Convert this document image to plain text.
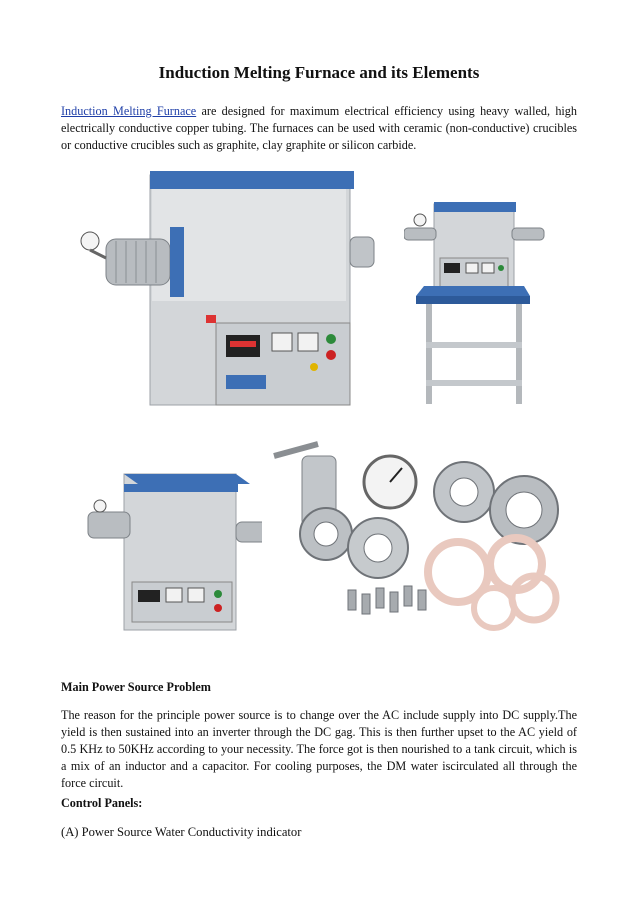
Induction Melting Furnace and its Elements

Induction Melting Furnace are designed for maximum electrical efficiency using heavy walled, high electrically conductive copper tubing. The furnaces can be used with ceramic (non-conductive) crucibles or conductive crucibles such as graphite, clay graphite or silicon carbide.

Main Power Source Problem

The reason for the principle power source is to change over the AC include supply into DC supply.The yield is then sustained into an inverter through the DC gag. This is then further upset to the AC yield of 0.5 KHz to 50KHz according to your necessity. The force got is then nourished to a tank circuit, which is a mix of an inductor and a capacitor. For cooling purposes, the DM water iscirculated all through the force circuit.

Control Panels:

(A) Power Source Water Conductivity indicator
